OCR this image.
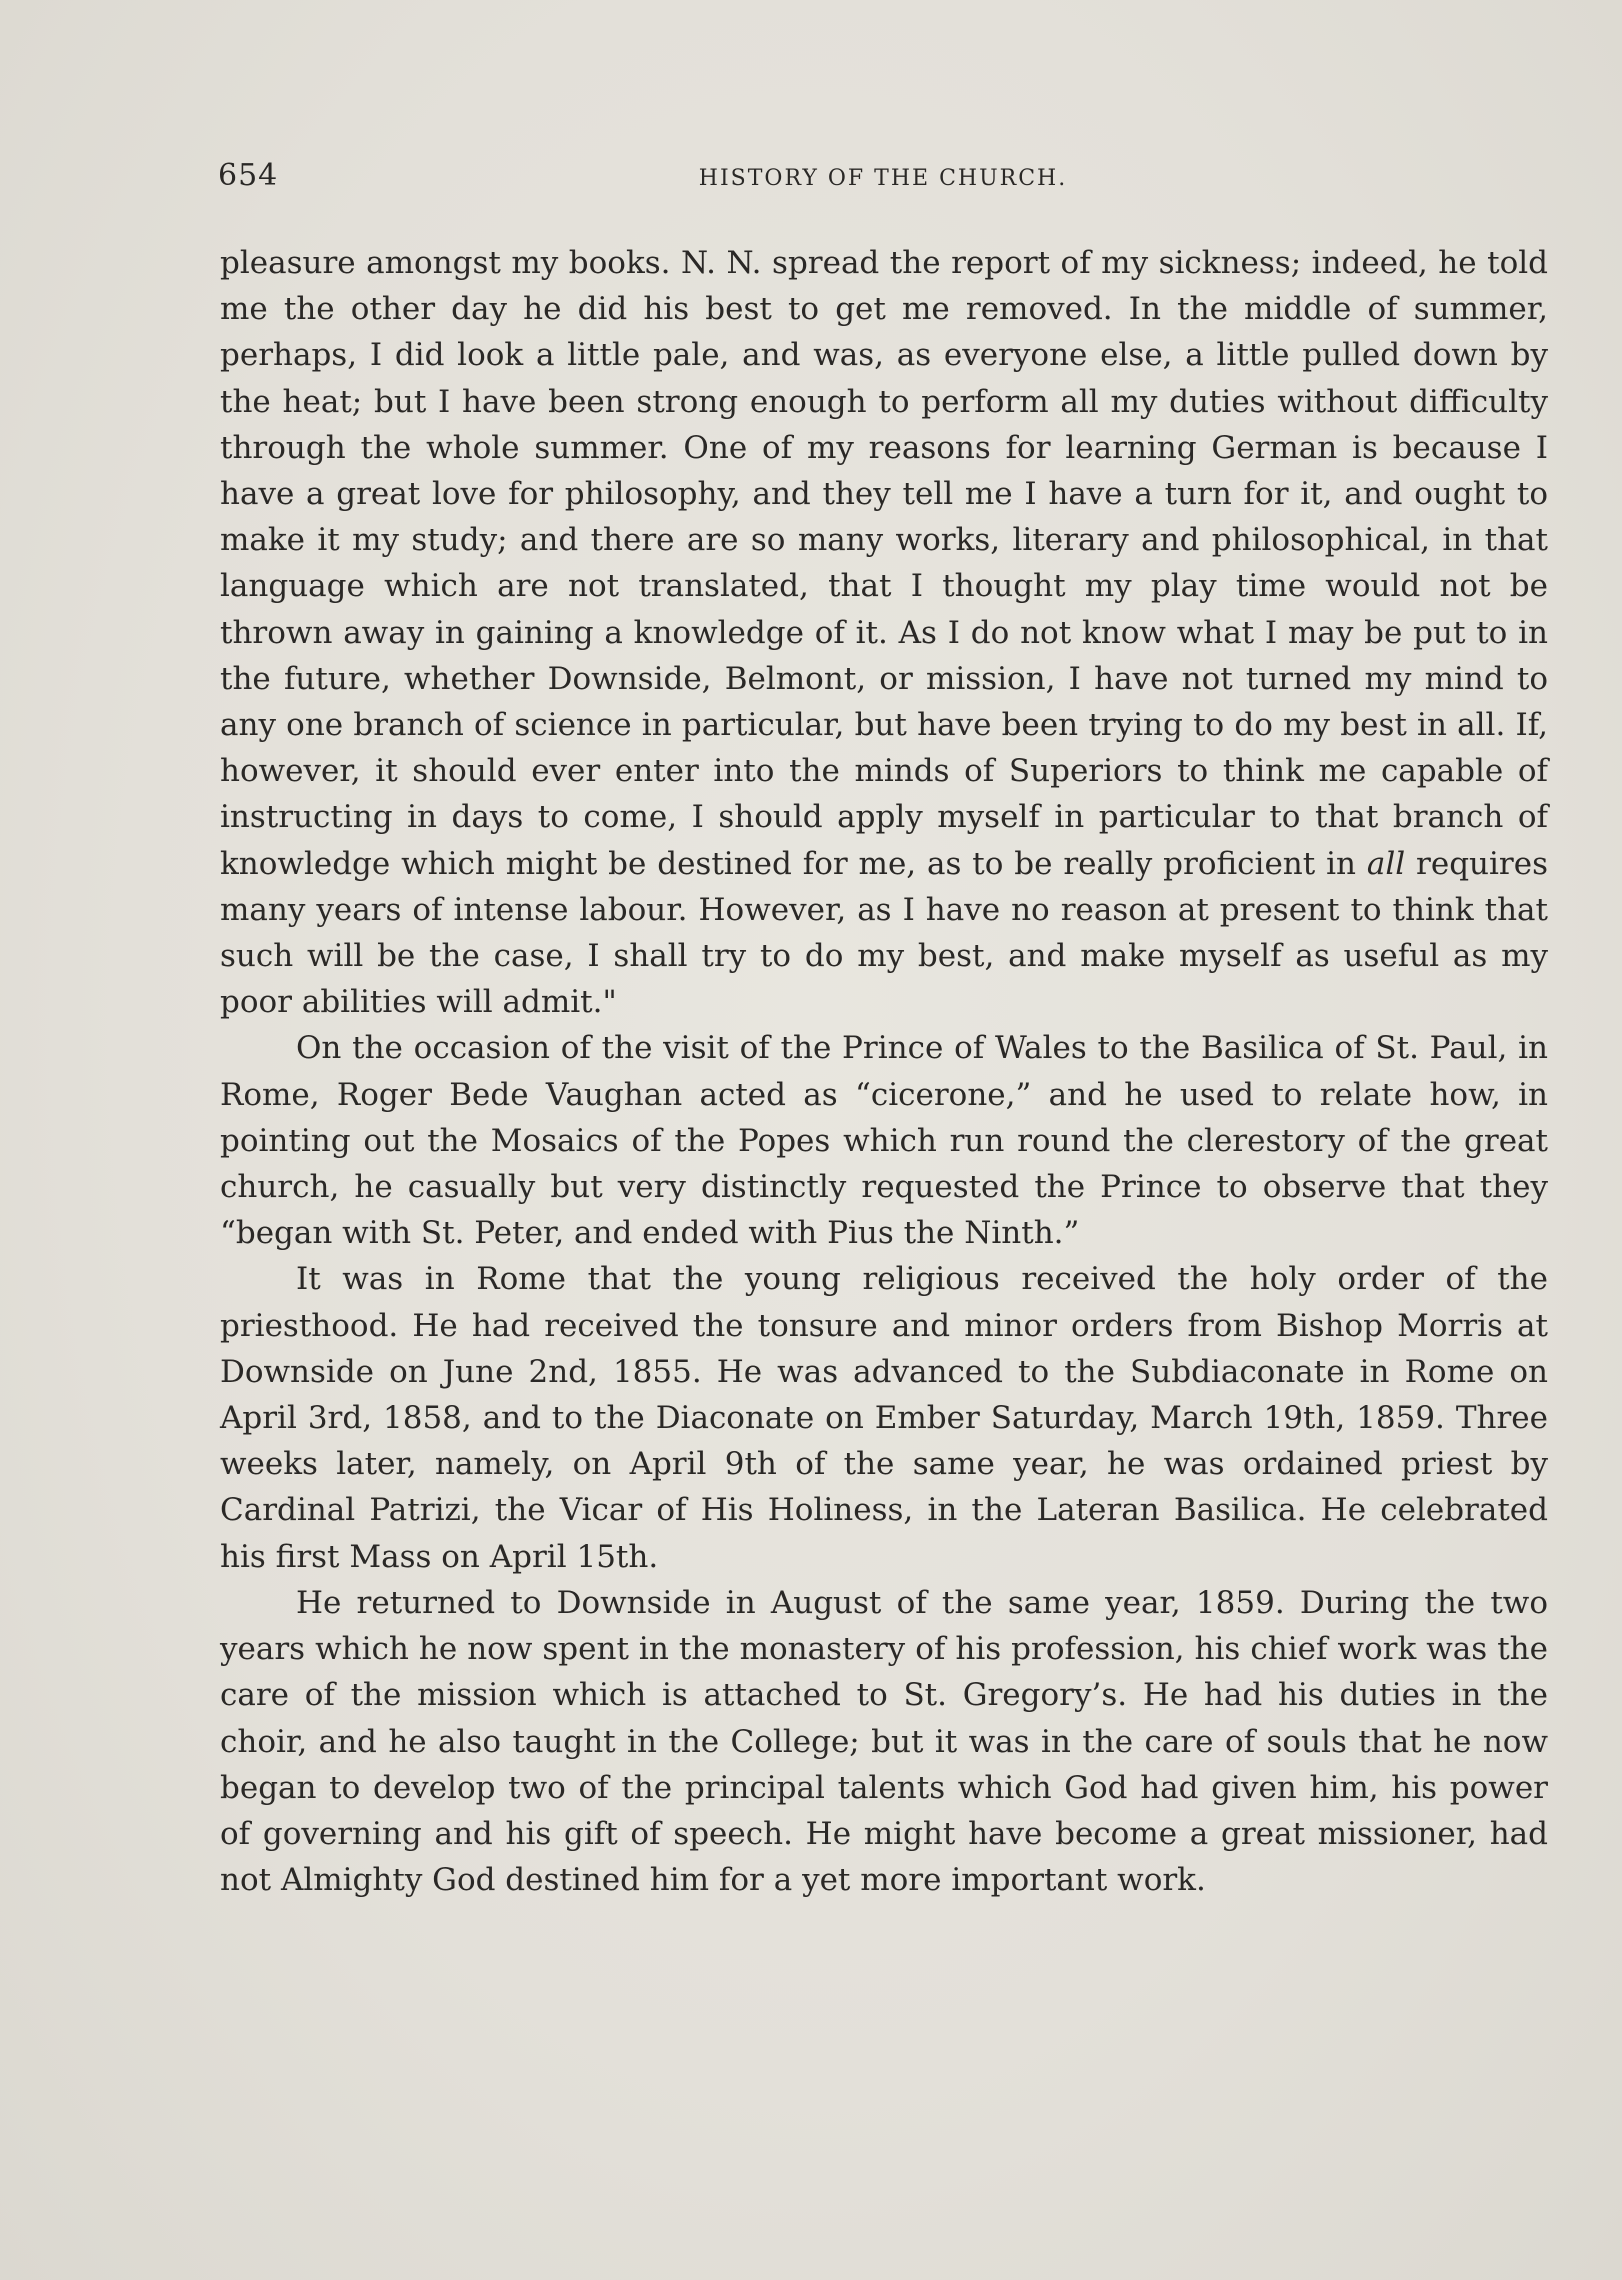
654	HISTORY OF THE CHURCH.

pleasure amongst my books. N. N. spread the report of my sickness; indeed, he told me the other day he did his best to get me removed. In the middle of summer, perhaps, I did look a little pale, and was, as everyone else, a little pulled down by the heat; but I have been strong enough to perform all my duties without difficulty through the whole summer. One of my reasons for learning German is because I have a great love for philosophy, and they tell me I have a turn for it, and ought to make it my study; and there are so many works, literary and philosophical, in that language which are not translated, that I thought my play time would not be thrown away in gaining a knowledge of it. As I do not know what I may be put to in the future, whether Downside, Belmont, or mission, I have not turned my mind to any one branch of science in particular, but have been trying to do my best in all. If, however, it should ever enter into the minds of Superiors to think me capable of instructing in days to come, I should apply myself in particular to that branch of knowledge which might be destined for me, as to be really proficient in all requires many years of intense labour. However, as I have no reason at present to think that such will be the case, I shall try to do my best, and make myself as useful as my poor abilities will admit."

On the occasion of the visit of the Prince of Wales to the Basilica of St. Paul, in Rome, Roger Bede Vaughan acted as “cicerone,” and he used to relate how, in pointing out the Mosaics of the Popes which run round the clerestory of the great church, he casually but very distinctly requested the Prince to observe that they “began with St. Peter, and ended with Pius the Ninth.”

It was in Rome that the young religious received the holy order of the priesthood. He had received the tonsure and minor orders from Bishop Morris at Downside on June 2nd, 1855. He was advanced to the Subdiaconate in Rome on April 3rd, 1858, and to the Diaconate on Ember Saturday, March 19th, 1859. Three weeks later, namely, on April 9th of the same year, he was ordained priest by Cardinal Patrizi, the Vicar of His Holiness, in the Lateran Basilica. He celebrated his first Mass on April 15th.

He returned to Downside in August of the same year, 1859. During the two years which he now spent in the monastery of his profession, his chief work was the care of the mission which is attached to St. Gregory’s. He had his duties in the choir, and he also taught in the College; but it was in the care of souls that he now began to develop two of the principal talents which God had given him, his power of governing and his gift of speech. He might have become a great missioner, had not Almighty God destined him for a yet more important work.
